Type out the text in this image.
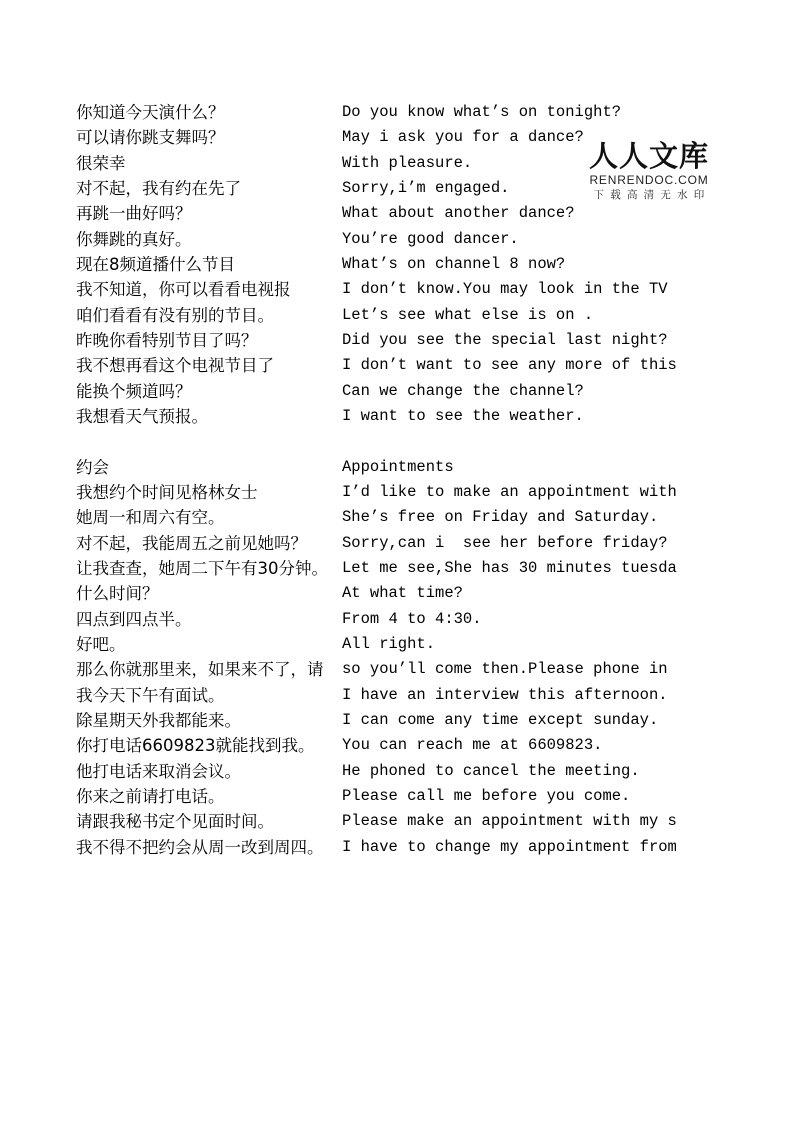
人人文库
RENRENDOC.COM
下载高清无水印
你知道今天演什么？	Do you know what’s on tonight?
可以请你跳支舞吗？	May i ask you for a dance?
很荣幸	With pleasure.
对不起，我有约在先了	Sorry,i’m engaged.
再跳一曲好吗？	What about another dance?
你舞跳的真好。	You’re good dancer.
现在8频道播什么节目	What’s on channel 8 now?
我不知道，你可以看看电视报	I don’t know.You may look in the TV
咱们看看有没有别的节目。	Let’s see what else is on .
昨晚你看特别节目了吗？	Did you see the special last night?
我不想再看这个电视节目了	I don’t want to see any more of this
能换个频道吗？	Can we change the channel?
我想看天气预报。	I want to see the weather.
约会	Appointments
我想约个时间见格林女士	I’d like to make an appointment with
她周一和周六有空。	She’s free on Friday and Saturday.
对不起，我能周五之前见她吗？	Sorry,can i  see her before friday?
让我查查，她周二下午有30分钟。 Let me see,She has 30 minutes tuesda
什么时间？	At what time?
四点到四点半。	From 4 to 4:30.
好吧。	All right.
那么你就那里来，如果来不了，请	so you’ll come then.Please phone in
我今天下午有面试。	I have an interview this afternoon.
除星期天外我都能来。	I can come any time except sunday.
你打电话6609823就能找到我。	You can reach me at 6609823.
他打电话来取消会议。	He phoned to cancel the meeting.
你来之前请打电话。	Please call me before you come.
请跟我秘书定个见面时间。	Please make an appointment with my s
我不得不把约会从周一改到周四。	I have to change my appointment from
